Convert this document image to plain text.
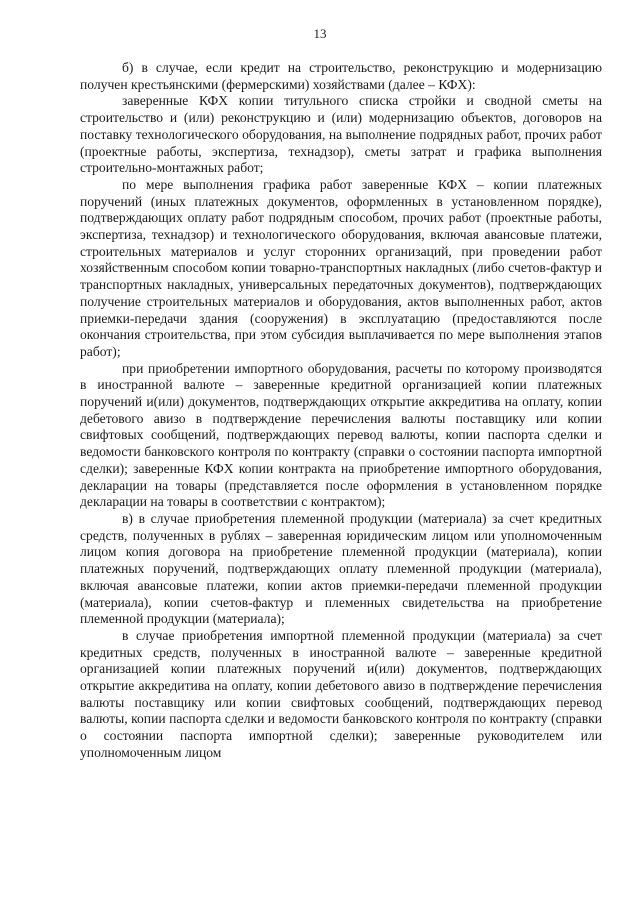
13

б) в случае, если кредит на строительство, реконструкцию и модернизацию получен крестьянскими (фермерскими) хозяйствами (далее – КФХ):

заверенные КФХ копии титульного списка стройки и сводной сметы на строительство и (или) реконструкцию и (или) модернизацию объектов, договоров на поставку технологического оборудования, на выполнение подрядных работ, прочих работ (проектные работы, экспертиза, технадзор), сметы затрат и графика выполнения строительно-монтажных работ;

по мере выполнения графика работ заверенные КФХ – копии платежных поручений (иных платежных документов, оформленных в установленном порядке), подтверждающих оплату работ подрядным способом, прочих работ (проектные работы, экспертиза, технадзор) и технологического оборудования, включая авансовые платежи, строительных материалов и услуг сторонних организаций, при проведении работ хозяйственным способом копии товарно-транспортных накладных (либо счетов-фактур и транспортных накладных, универсальных передаточных документов), подтверждающих получение строительных материалов и оборудования, актов выполненных работ, актов приемки-передачи здания (сооружения) в эксплуатацию (предоставляются после окончания строительства, при этом субсидия выплачивается по мере выполнения этапов работ);

при приобретении импортного оборудования, расчеты по которому производятся в иностранной валюте – заверенные кредитной организацией копии платежных поручений и(или) документов, подтверждающих открытие аккредитива на оплату, копии дебетового авизо в подтверждение перечисления валюты поставщику или копии свифтовых сообщений, подтверждающих перевод валюты, копии паспорта сделки и ведомости банковского контроля по контракту (справки о состоянии паспорта импортной сделки); заверенные КФХ копии контракта на приобретение импортного оборудования, декларации на товары (представляется после оформления в установленном порядке декларации на товары в соответствии с контрактом);

в) в случае приобретения племенной продукции (материала) за счет кредитных средств, полученных в рублях – заверенная юридическим лицом или уполномоченным лицом копия договора на приобретение племенной продукции (материала), копии платежных поручений, подтверждающих оплату племенной продукции (материала), включая авансовые платежи, копии актов приемки-передачи племенной продукции (материала), копии счетов-фактур и племенных свидетельства на приобретение племенной продукции (материала);

в случае приобретения импортной племенной продукции (материала) за счет кредитных средств, полученных в иностранной валюте – заверенные кредитной организацией копии платежных поручений и(или) документов, подтверждающих открытие аккредитива на оплату, копии дебетового авизо в подтверждение перечисления валюты поставщику или копии свифтовых сообщений, подтверждающих перевод валюты, копии паспорта сделки и ведомости банковского контроля по контракту (справки о состоянии паспорта импортной сделки); заверенные руководителем или уполномоченным лицом
